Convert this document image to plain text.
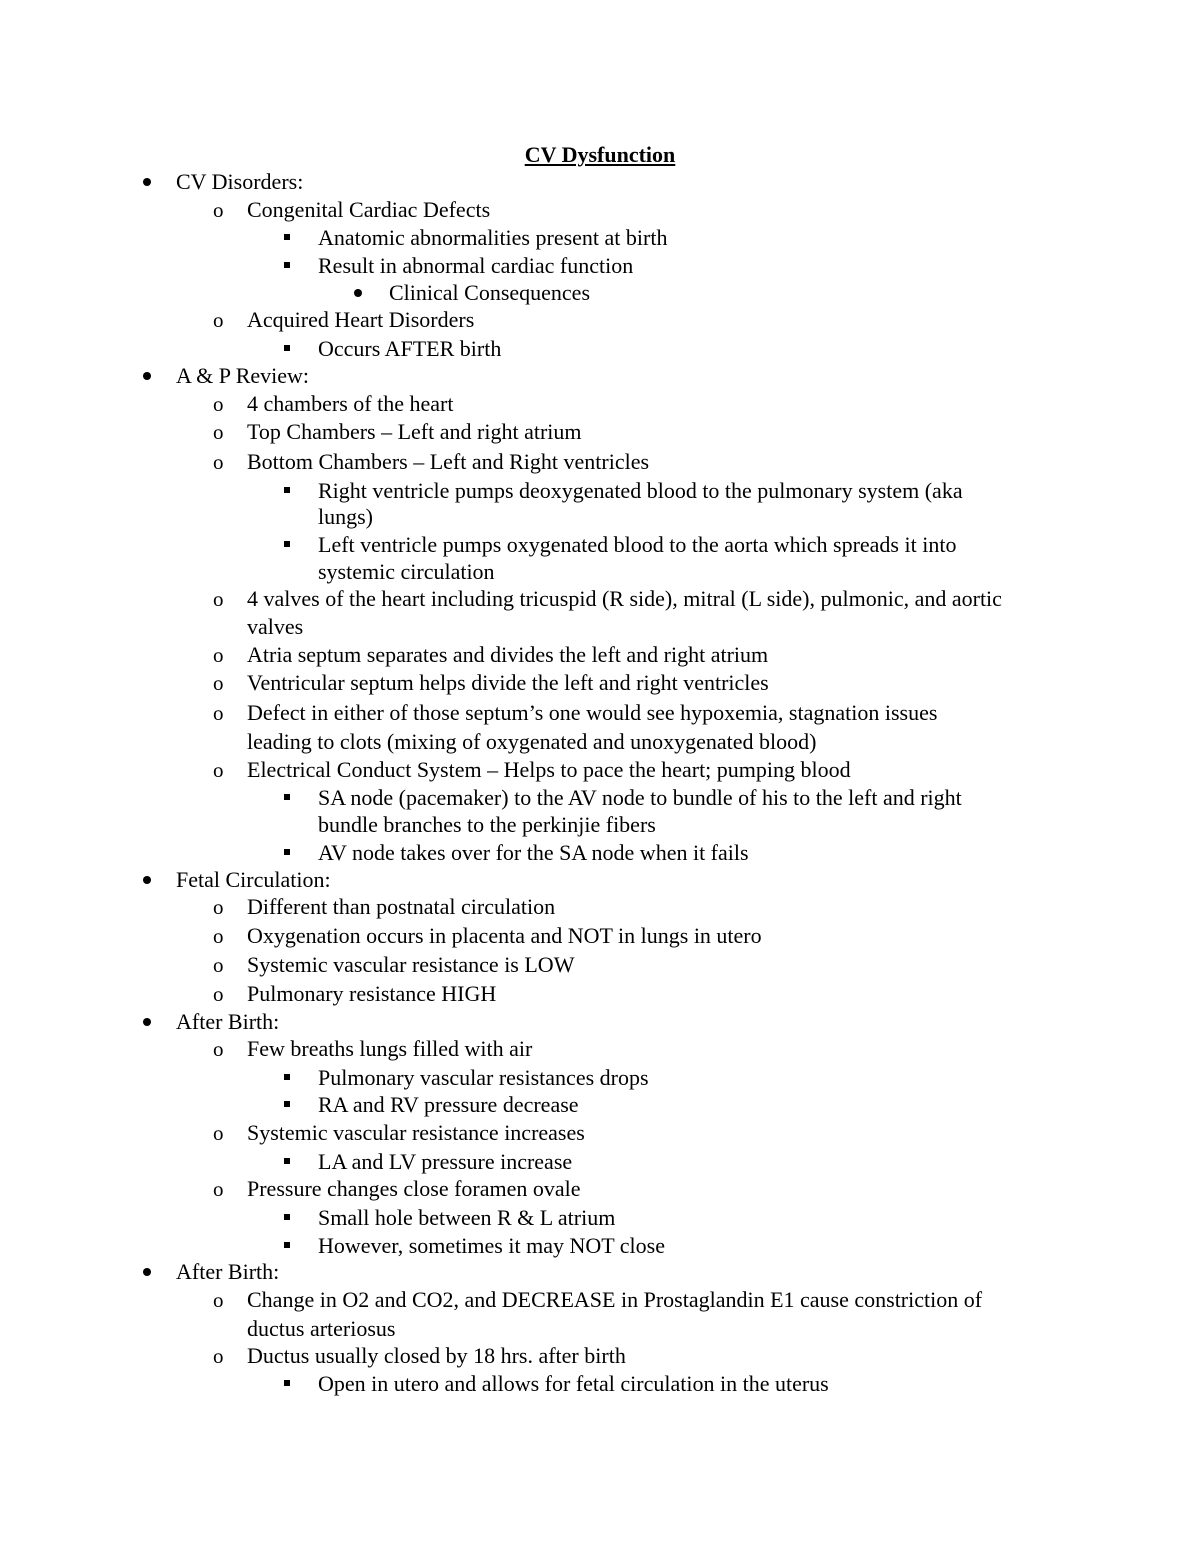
CV Dysfunction
CV Disorders:
o Congenital Cardiac Defects
Anatomic abnormalities present at birth
Result in abnormal cardiac function
Clinical Consequences
o Acquired Heart Disorders
Occurs AFTER birth
A & P Review:
o 4 chambers of the heart
o Top Chambers – Left and right atrium
o Bottom Chambers – Left and Right ventricles
Right ventricle pumps deoxygenated blood to the pulmonary system (aka
lungs)
Left ventricle pumps oxygenated blood to the aorta which spreads it into
systemic circulation
o 4 valves of the heart including tricuspid (R side), mitral (L side), pulmonic, and aortic
valves
o Atria septum separates and divides the left and right atrium
o Ventricular septum helps divide the left and right ventricles
o Defect in either of those septum’s one would see hypoxemia, stagnation issues
leading to clots (mixing of oxygenated and unoxygenated blood)
o Electrical Conduct System – Helps to pace the heart; pumping blood
SA node (pacemaker) to the AV node to bundle of his to the left and right
bundle branches to the perkinjie fibers
AV node takes over for the SA node when it fails
Fetal Circulation:
o Different than postnatal circulation
o Oxygenation occurs in placenta and NOT in lungs in utero
o Systemic vascular resistance is LOW
o Pulmonary resistance HIGH
After Birth:
o Few breaths lungs filled with air
Pulmonary vascular resistances drops
RA and RV pressure decrease
o Systemic vascular resistance increases
LA and LV pressure increase
o Pressure changes close foramen ovale
Small hole between R & L atrium
However, sometimes it may NOT close
After Birth:
o Change in O2 and CO2, and DECREASE in Prostaglandin E1 cause constriction of
ductus arteriosus
o Ductus usually closed by 18 hrs. after birth
Open in utero and allows for fetal circulation in the uterus
